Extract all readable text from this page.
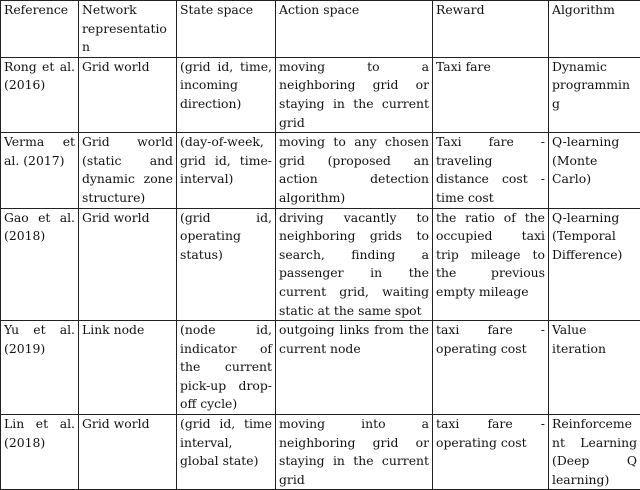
Reference	Network representation	State space	Action space	Reward	Algorithm
Rong et al. (2016)	Grid world	(grid id, time, incoming direction)	moving to a neighboring grid or staying in the current grid	Taxi fare	Dynamic programming
Verma et al. (2017)	Grid world (static and dynamic zone structure)	(day-of-week, grid id, time-interval)	moving to any chosen grid (proposed an action detection algorithm)	Taxi fare - traveling distance cost - time cost	Q-learning (Monte Carlo)
Gao et al. (2018)	Grid world	(grid id, operating status)	driving vacantly to neighboring grids to search, finding a passenger in the current grid, waiting static at the same spot	the ratio of the occupied taxi trip mileage to the previous empty mileage	Q-learning (Temporal Difference)
Yu et al. (2019)	Link node	(node id, indicator of the current pick-up drop-off cycle)	outgoing links from the current node	taxi fare - operating cost	Value iteration
Lin et al. (2018)	Grid world	(grid id, time interval, global state)	moving into a neighboring grid or staying in the current grid	taxi fare - operating cost	Reinforcement Learning (Deep Q learning)
